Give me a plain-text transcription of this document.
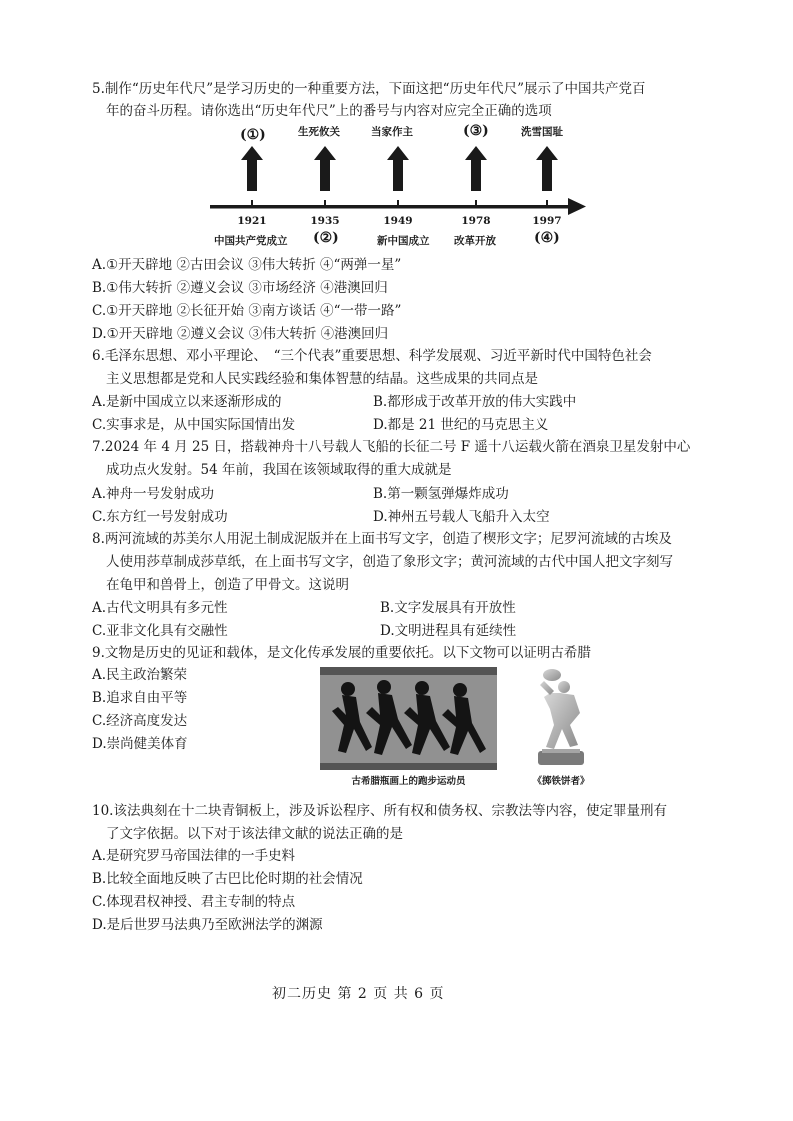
5.制作“历史年代尺”是学习历史的一种重要方法，下面这把“历史年代尺”展示了中国共产党百
年的奋斗历程。请你选出“历史年代尺”上的番号与内容对应完全正确的选项
(①)	生死攸关	当家作主	(③)	洗雪国耻
1921	1935	1949	1978	1997
中国共产党成立 (②)	新中国成立 改革开放	(④)
A.①开天辟地 ②古田会议 ③伟大转折 ④“两弹一星”
B.①伟大转折 ②遵义会议 ③市场经济 ④港澳回归
C.①开天辟地 ②长征开始 ③南方谈话 ④“一带一路”
D.①开天辟地 ②遵义会议 ③伟大转折 ④港澳回归
6.毛泽东思想、邓小平理论、　“三个代表”重要思想、科学发展观、习近平新时代中国特色社会
主义思想都是党和人民实践经验和集体智慧的结晶。这些成果的共同点是
A.是新中国成立以来逐渐形成的	B.都形成于改革开放的伟大实践中
C.实事求是，从中国实际国情出发	D.都是 21 世纪的马克思主义
7.2024 年 4 月 25 日，搭载神舟十八号载人飞船的长征二号 F 遥十八运载火箭在酒泉卫星发射中心
成功点火发射。54 年前，我国在该领域取得的重大成就是
A.神舟一号发射成功	B.第一颗氢弹爆炸成功
C.东方红一号发射成功	D.神州五号载人飞船升入太空
8.两河流域的苏美尔人用泥土制成泥版并在上面书写文字，创造了楔形文字；尼罗河流域的古埃及
人使用莎草制成莎草纸，在上面书写文字，创造了象形文字；黄河流域的古代中国人把文字刻写
在龟甲和兽骨上，创造了甲骨文。这说明
A.古代文明具有多元性	B.文字发展具有开放性
C.亚非文化具有交融性	D.文明进程具有延续性
9.文物是历史的见证和载体，是文化传承发展的重要依托。以下文物可以证明古希腊
A.民主政治繁荣
B.追求自由平等
C.经济高度发达
D.崇尚健美体育
古希腊瓶画上的跑步运动员	《掷铁饼者》
10.该法典刻在十二块青铜板上，涉及诉讼程序、所有权和债务权、宗教法等内容，使定罪量刑有
了文字依据。以下对于该法律文献的说法正确的是
A.是研究罗马帝国法律的一手史料
B.比较全面地反映了古巴比伦时期的社会情况
C.体现君权神授、君主专制的特点
D.是后世罗马法典乃至欧洲法学的渊源
初二历史 第 2 页 共 6 页
